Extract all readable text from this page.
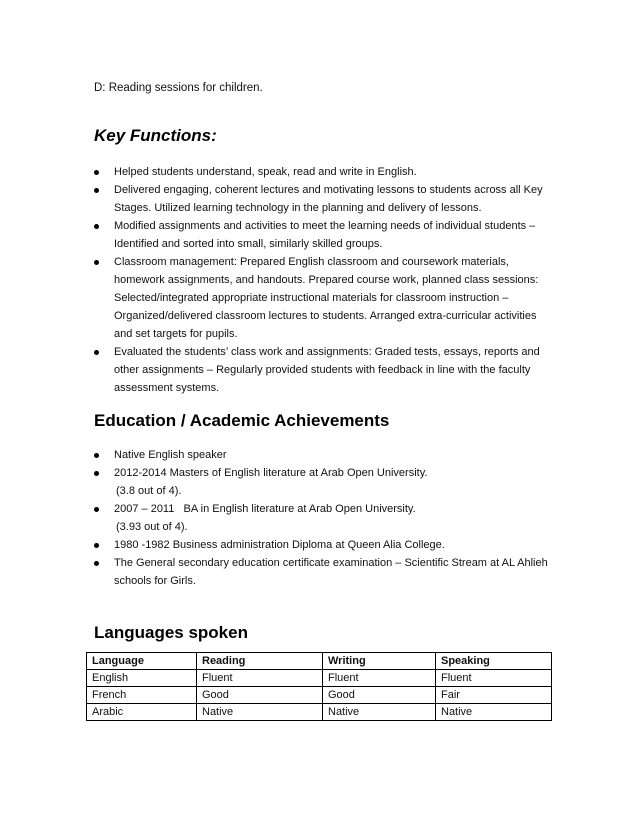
D: Reading sessions for children.
Key Functions:
Helped students understand, speak, read and write in English.
Delivered engaging, coherent lectures and motivating lessons to students across all Key Stages. Utilized learning technology in the planning and delivery of lessons.
Modified assignments and activities to meet the learning needs of individual students – Identified and sorted into small, similarly skilled groups.
Classroom management: Prepared English classroom and coursework materials, homework assignments, and handouts. Prepared course work, planned class sessions: Selected/integrated appropriate instructional materials for classroom instruction – Organized/delivered classroom lectures to students. Arranged extra-curricular activities and set targets for pupils.
Evaluated the students’ class work and assignments: Graded tests, essays, reports and other assignments – Regularly provided students with feedback in line with the faculty assessment systems.
Education / Academic Achievements
Native English speaker
2012-2014 Masters of English literature at Arab Open University.
(3.8 out of 4).
2007 – 2011   BA in English literature at Arab Open University.
(3.93 out of 4).
1980 -1982 Business administration Diploma at Queen Alia College.
The General secondary education certificate examination – Scientific Stream at AL Ahlieh schools for Girls.
Languages spoken
Language	Reading	Writing	Speaking
English	Fluent	Fluent	Fluent
French	Good	Good	Fair
Arabic	Native	Native	Native
